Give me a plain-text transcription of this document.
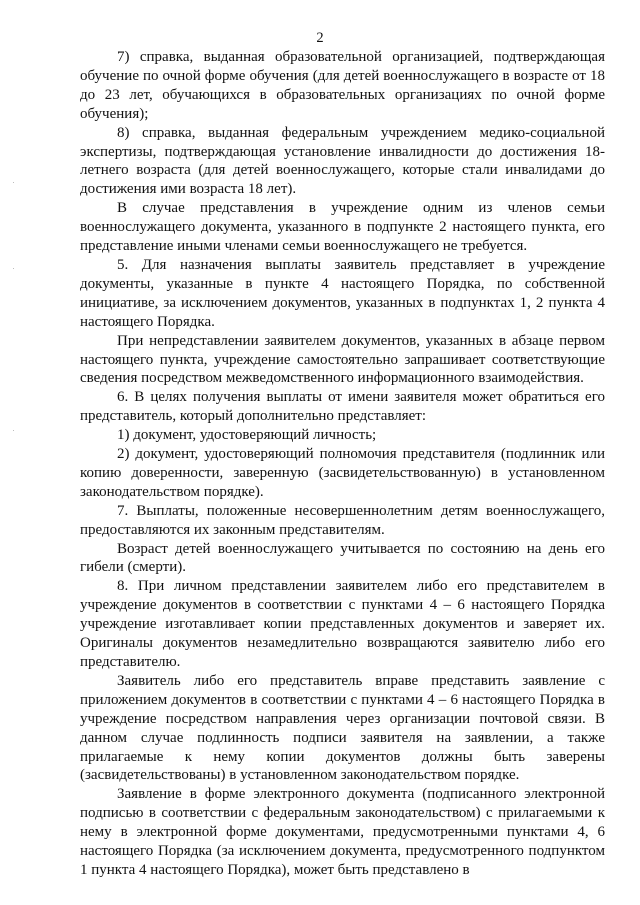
2

7) справка, выданная образовательной организацией, подтверждающая обучение по очной форме обучения (для детей военнослужащего в возрасте от 18 до 23 лет, обучающихся в образовательных организациях по очной форме обучения);

8) справка, выданная федеральным учреждением медико-социальной экспертизы, подтверждающая установление инвалидности до достижения 18-летнего возраста (для детей военнослужащего, которые стали инвалидами до достижения ими возраста 18 лет).

В случае представления в учреждение одним из членов семьи военнослужащего документа, указанного в подпункте 2 настоящего пункта, его представление иными членами семьи военнослужащего не требуется.

5. Для назначения выплаты заявитель представляет в учреждение документы, указанные в пункте 4 настоящего Порядка, по собственной инициативе, за исключением документов, указанных в подпунктах 1, 2 пункта 4 настоящего Порядка.

При непредставлении заявителем документов, указанных в абзаце первом настоящего пункта, учреждение самостоятельно запрашивает соответствующие сведения посредством межведомственного информационного взаимодействия.

6. В целях получения выплаты от имени заявителя может обратиться его представитель, который дополнительно представляет:

1) документ, удостоверяющий личность;

2) документ, удостоверяющий полномочия представителя (подлинник или копию доверенности, заверенную (засвидетельствованную) в установленном законодательством порядке).

7. Выплаты, положенные несовершеннолетним детям военнослужащего, предоставляются их законным представителям.

Возраст детей военнослужащего учитывается по состоянию на день его гибели (смерти).

8. При личном представлении заявителем либо его представителем в учреждение документов в соответствии с пунктами 4 – 6 настоящего Порядка учреждение изготавливает копии представленных документов и заверяет их. Оригиналы документов незамедлительно возвращаются заявителю либо его представителю.

Заявитель либо его представитель вправе представить заявление с приложением документов в соответствии с пунктами 4 – 6 настоящего Порядка в учреждение посредством направления через организации почтовой связи. В данном случае подлинность подписи заявителя на заявлении, а также прилагаемые к нему копии документов должны быть заверены (засвидетельствованы) в установленном законодательством порядке.

Заявление в форме электронного документа (подписанного электронной подписью в соответствии с федеральным законодательством) с прилагаемыми к нему в электронной форме документами, предусмотренными пунктами 4, 6 настоящего Порядка (за исключением документа, предусмотренного подпунктом 1 пункта 4 настоящего Порядка), может быть представлено в
